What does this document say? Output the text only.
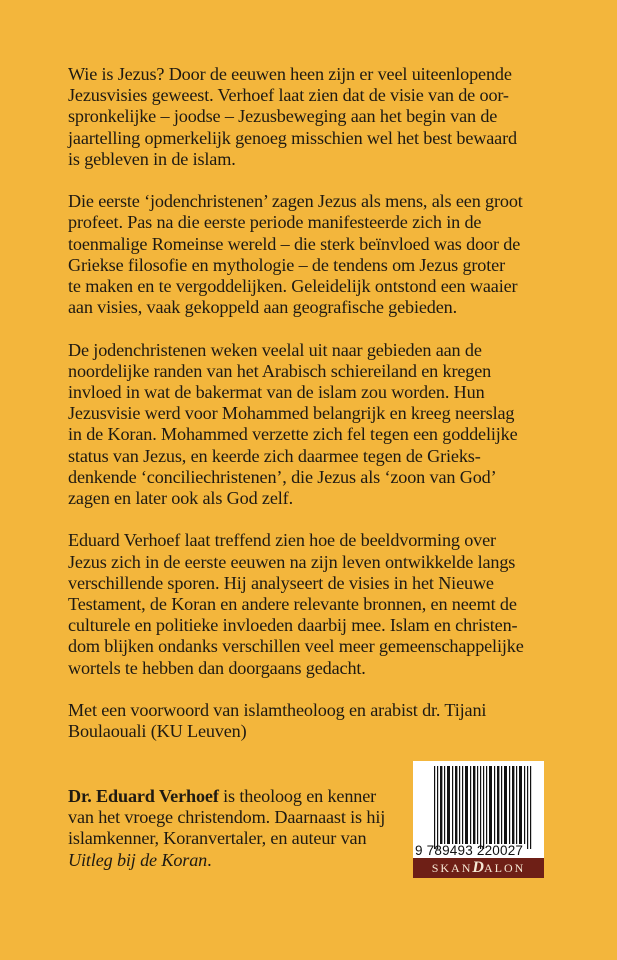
Wie is Jezus? Door de eeuwen heen zijn er veel uiteenlopende
Jezusvisies geweest. Verhoef laat zien dat de visie van de oor-
spronkelijke – joodse – Jezusbeweging aan het begin van de
jaartelling opmerkelijk genoeg misschien wel het best bewaard
is gebleven in de islam.

Die eerste ‘jodenchristenen’ zagen Jezus als mens, als een groot
profeet. Pas na die eerste periode manifesteerde zich in de
toenmalige Romeinse wereld – die sterk beïnvloed was door de
Griekse filosofie en mythologie – de tendens om Jezus groter
te maken en te vergoddelijken. Geleidelijk ontstond een waaier
aan visies, vaak gekoppeld aan geografische gebieden.

De jodenchristenen weken veelal uit naar gebieden aan de
noordelijke randen van het Arabisch schiereiland en kregen
invloed in wat de bakermat van de islam zou worden. Hun
Jezusvisie werd voor Mohammed belangrijk en kreeg neerslag
in de Koran. Mohammed verzette zich fel tegen een goddelijke
status van Jezus, en keerde zich daarmee tegen de Grieks-
denkende ‘conciliechristenen’, die Jezus als ‘zoon van God’
zagen en later ook als God zelf.

Eduard Verhoef laat treffend zien hoe de beeldvorming over
Jezus zich in de eerste eeuwen na zijn leven ontwikkelde langs
verschillende sporen. Hij analyseert de visies in het Nieuwe
Testament, de Koran en andere relevante bronnen, en neemt de
culturele en politieke invloeden daarbij mee. Islam en christen-
dom blijken ondanks verschillen veel meer gemeenschappelijke
wortels te hebben dan doorgaans gedacht.

Met een voorwoord van islamtheoloog en arabist dr. Tijani
Boulaouali (KU Leuven)

Dr. Eduard Verhoef is theoloog en kenner
van het vroege christendom. Daarnaast is hij
islamkenner, Koranvertaler, en auteur van
Uitleg bij de Koran.	9 789493 220027
SKANDALON
